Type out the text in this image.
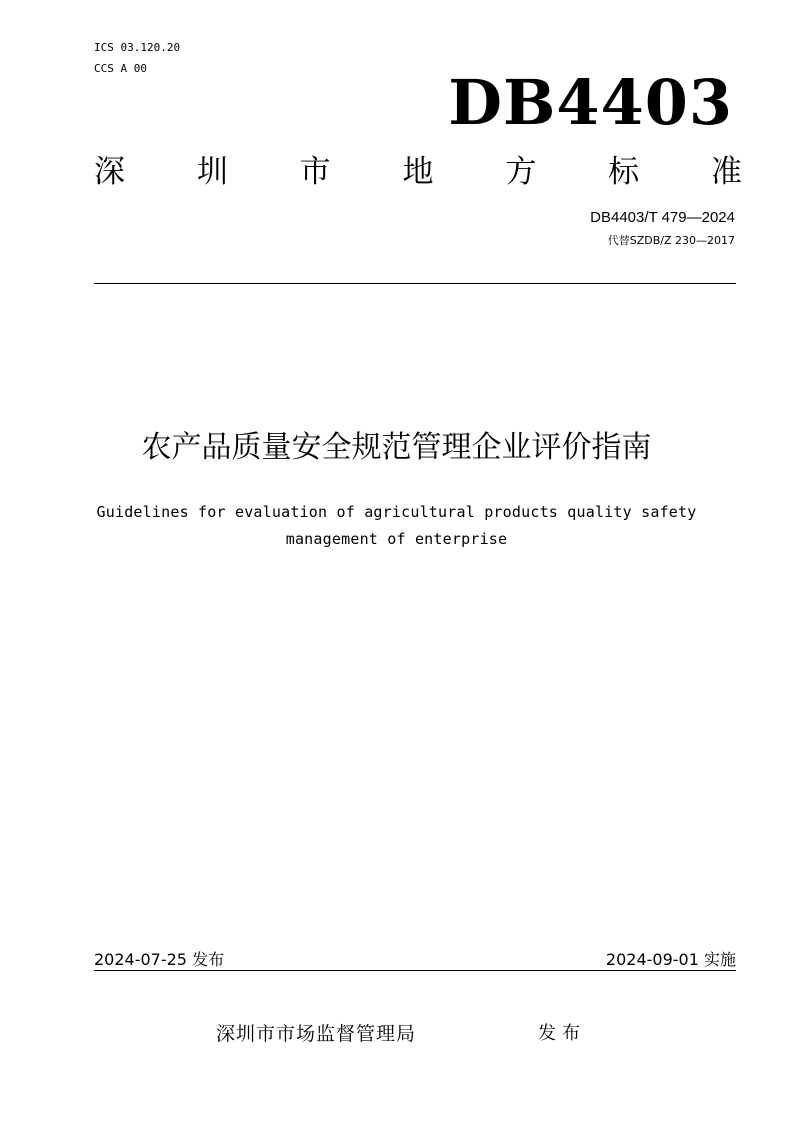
ICS 03.120.20
CCS A 00	DB4403
深 圳 市 地 方 标 准
DB4403/T 479—2024
代替SZDB/Z 230—2017
农产品质量安全规范管理企业评价指南
Guidelines for evaluation of agricultural products quality safety
management of enterprise
2024-07-25 发布	2024-09-01 实施
深圳市市场监督管理局	发布
